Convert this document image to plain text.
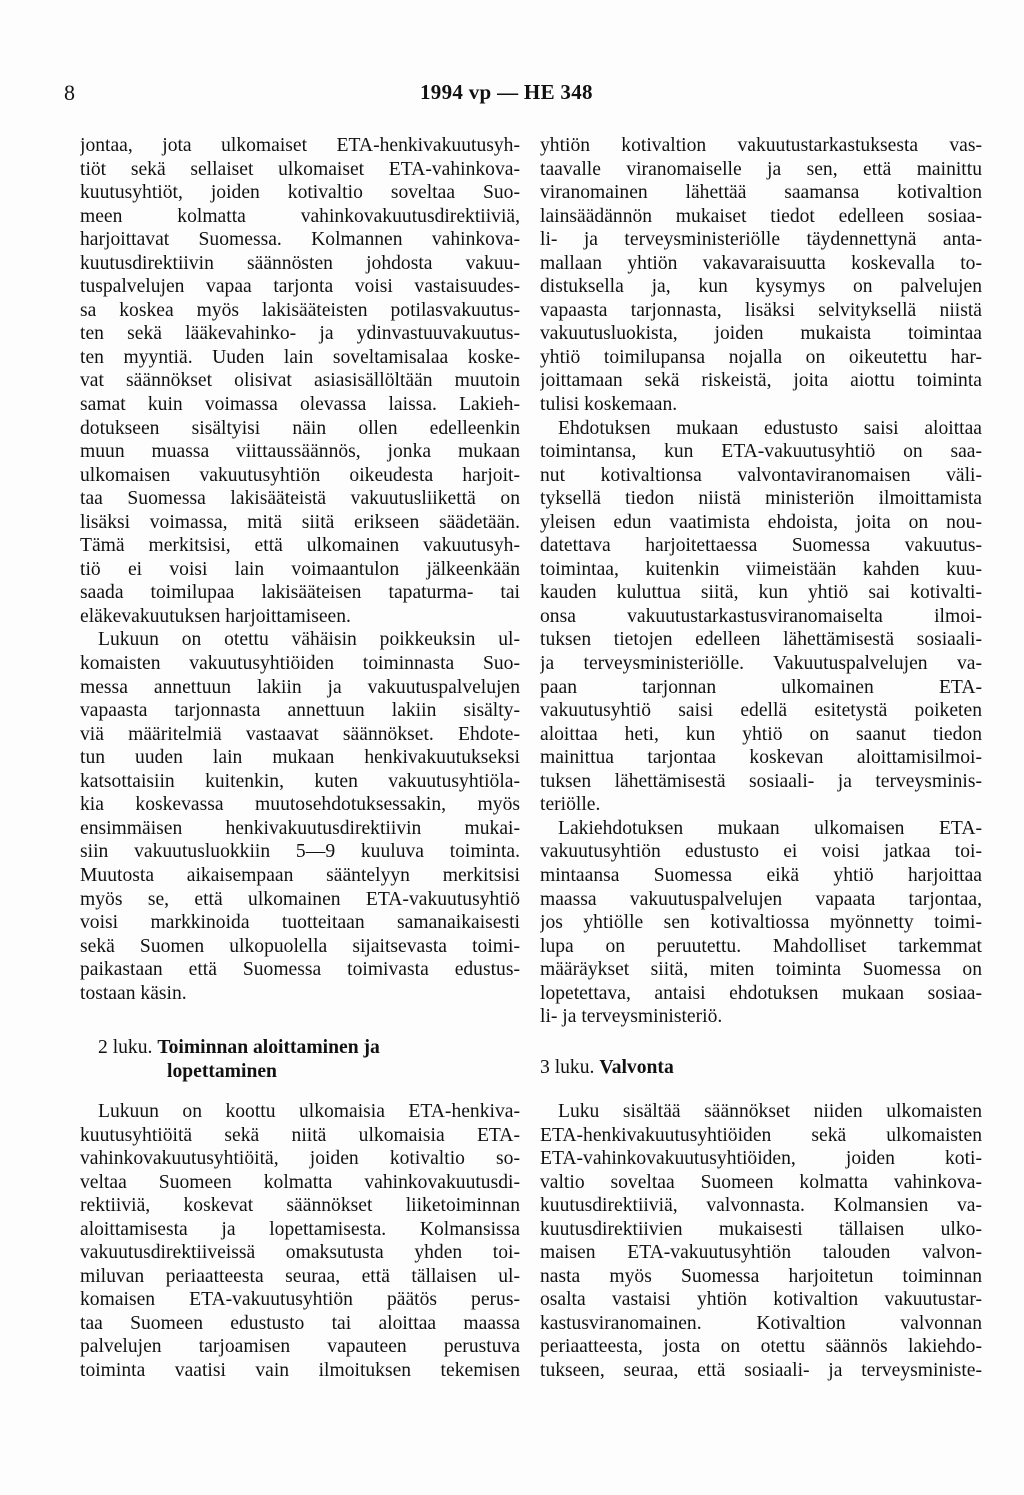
8	1994 vp — HE 348
jontaa, jota ulkomaiset ETA-henkivakuutusyh-
tiöt sekä sellaiset ulkomaiset ETA-vahinkova-
kuutusyhtiöt, joiden kotivaltio soveltaa Suo-
meen kolmatta vahinkovakuutusdirektiiviä,
harjoittavat Suomessa. Kolmannen vahinkova-
kuutusdirektiivin säännösten johdosta vakuu-
tuspalvelujen vapaa tarjonta voisi vastaisuudes-
sa koskea myös lakisääteisten potilasvakuutus-
ten sekä lääkevahinko- ja ydinvastuuvakuutus-
ten myyntiä. Uuden lain soveltamisalaa koske-
vat säännökset olisivat asiasisällöltään muutoin
samat kuin voimassa olevassa laissa. Lakieh-
dotukseen sisältyisi näin ollen edelleenkin
muun muassa viittaussäännös, jonka mukaan
ulkomaisen vakuutusyhtiön oikeudesta harjoit-
taa Suomessa lakisääteistä vakuutusliikettä on
lisäksi voimassa, mitä siitä erikseen säädetään.
Tämä merkitsisi, että ulkomainen vakuutusyh-
tiö ei voisi lain voimaantulon jälkeenkään
saada toimilupaa lakisääteisen tapaturma- tai
eläkevakuutuksen harjoittamiseen.
Lukuun on otettu vähäisin poikkeuksin ul-
komaisten vakuutusyhtiöiden toiminnasta Suo-
messa annettuun lakiin ja vakuutuspalvelujen
vapaasta tarjonnasta annettuun lakiin sisälty-
viä määritelmiä vastaavat säännökset. Ehdote-
tun uuden lain mukaan henkivakuutukseksi
katsottaisiin kuitenkin, kuten vakuutusyhtiöla-
kia koskevassa muutosehdotuksessakin, myös
ensimmäisen henkivakuutusdirektiivin mukai-
siin vakuutusluokkiin 5—9 kuuluva toiminta.
Muutosta aikaisempaan sääntelyyn merkitsisi
myös se, että ulkomainen ETA-vakuutusyhtiö
voisi markkinoida tuotteitaan samanaikaisesti
sekä Suomen ulkopuolella sijaitsevasta toimi-
paikastaan että Suomessa toimivasta edustus-
tostaan käsin.
2 luku. Toiminnan aloittaminen ja
lopettaminen
Lukuun on koottu ulkomaisia ETA-henkiva-
kuutusyhtiöitä sekä niitä ulkomaisia ETA-
vahinkovakuutusyhtiöitä, joiden kotivaltio so-
veltaa Suomeen kolmatta vahinkovakuutusdi-
rektiiviä, koskevat säännökset liiketoiminnan
aloittamisesta ja lopettamisesta. Kolmansissa
vakuutusdirektiiveissä omaksutusta yhden toi-
miluvan periaatteesta seuraa, että tällaisen ul-
komaisen ETA-vakuutusyhtiön päätös perus-
taa Suomeen edustusto tai aloittaa maassa
palvelujen tarjoamisen vapauteen perustuva
toiminta vaatisi vain ilmoituksen tekemisen
yhtiön kotivaltion vakuutustarkastuksesta vas-
taavalle viranomaiselle ja sen, että mainittu
viranomainen lähettää saamansa kotivaltion
lainsäädännön mukaiset tiedot edelleen sosiaa-
li- ja terveysministeriölle täydennettynä anta-
mallaan yhtiön vakavaraisuutta koskevalla to-
distuksella ja, kun kysymys on palvelujen
vapaasta tarjonnasta, lisäksi selvityksellä niistä
vakuutusluokista, joiden mukaista toimintaa
yhtiö toimilupansa nojalla on oikeutettu har-
joittamaan sekä riskeistä, joita aiottu toiminta
tulisi koskemaan.
Ehdotuksen mukaan edustusto saisi aloittaa
toimintansa, kun ETA-vakuutusyhtiö on saa-
nut kotivaltionsa valvontaviranomaisen väli-
tyksellä tiedon niistä ministeriön ilmoittamista
yleisen edun vaatimista ehdoista, joita on nou-
datettava harjoitettaessa Suomessa vakuutus-
toimintaa, kuitenkin viimeistään kahden kuu-
kauden kuluttua siitä, kun yhtiö sai kotivalti-
onsa vakuutustarkastusviranomaiselta ilmoi-
tuksen tietojen edelleen lähettämisestä sosiaali-
ja terveysministeriölle. Vakuutuspalvelujen va-
paan tarjonnan ulkomainen ETA-
vakuutusyhtiö saisi edellä esitetystä poiketen
aloittaa heti, kun yhtiö on saanut tiedon
mainittua tarjontaa koskevan aloittamisilmoi-
tuksen lähettämisestä sosiaali- ja terveysminis-
teriölle.
Lakiehdotuksen mukaan ulkomaisen ETA-
vakuutusyhtiön edustusto ei voisi jatkaa toi-
mintaansa Suomessa eikä yhtiö harjoittaa
maassa vakuutuspalvelujen vapaata tarjontaa,
jos yhtiölle sen kotivaltiossa myönnetty toimi-
lupa on peruutettu. Mahdolliset tarkemmat
määräykset siitä, miten toiminta Suomessa on
lopetettava, antaisi ehdotuksen mukaan sosiaa-
li- ja terveysministeriö.
3 luku. Valvonta
Luku sisältää säännökset niiden ulkomaisten
ETA-henkivakuutusyhtiöiden sekä ulkomaisten
ETA-vahinkovakuutusyhtiöiden, joiden koti-
valtio soveltaa Suomeen kolmatta vahinkova-
kuutusdirektiiviä, valvonnasta. Kolmansien va-
kuutusdirektiivien mukaisesti tällaisen ulko-
maisen ETA-vakuutusyhtiön talouden valvon-
nasta myös Suomessa harjoitetun toiminnan
osalta vastaisi yhtiön kotivaltion vakuutustar-
kastusviranomainen. Kotivaltion valvonnan
periaatteesta, josta on otettu säännös lakiehdo-
tukseen, seuraa, että sosiaali- ja terveysministe-
